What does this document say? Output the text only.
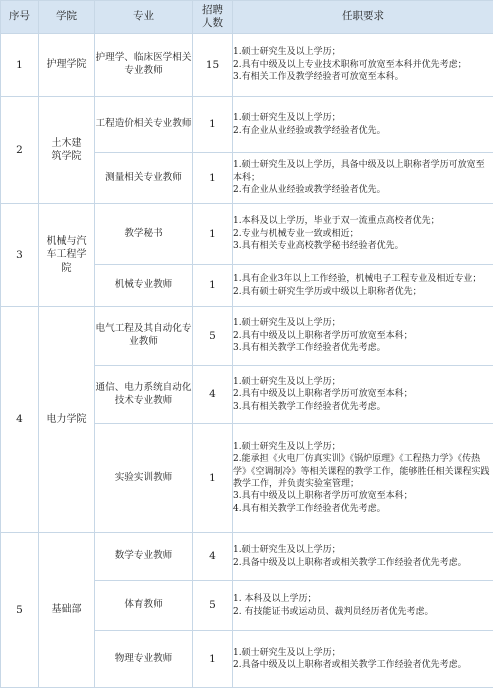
序号	学院	专业	招聘人数	任职要求
1	护理学院	护理学、临床医学相关专业教师	15	1.硕士研究生及以上学历；
2.具有中级及以上专业技术职称可放宽至本科并优先考虑；
3.有相关工作及教学经验者可放宽至本科。

2	土木建筑学院	工程造价相关专业教师	1	1.硕士研究生及以上学历；
2.有企业从业经验或教学经验者优先。

		测量相关专业教师	1	1.硕士研究生及以上学历，具备中级及以上职称者学历可放宽至本科；
2.有企业从业经验或教学经验者优先。

3	机械与汽车工程学院	教学秘书	1	1.本科及以上学历，毕业于双一流重点高校者优先；
2.专业与机械专业一致或相近；
3.具有相关专业高校教学秘书经验者优先。

		机械专业教师	1	1.具有企业3年以上工作经验，机械电子工程专业及相近专业；
2.具有硕士研究生学历或中级以上职称者优先；

4	电力学院	电气工程及其自动化专业教师	5	1.硕士研究生及以上学历；
2.具有中级及以上职称者学历可放宽至本科；
3.具有相关教学工作经验者优先考虑。

		通信、电力系统自动化技术专业教师	4	1.硕士研究生及以上学历；
2.具有中级及以上职称者学历可放宽至本科；
3.具有相关教学工作经验者优先考虑。

		实验实训教师	1	1.硕士研究生及以上学历；
2.能承担《火电厂仿真实训》《锅炉原理》《工程热力学》《传热学》《空调制冷》等相关课程的教学工作，能够胜任相关课程实践教学工作，并负责实验室管理；
3.具有中级及以上职称者学历可放宽至本科；
4.具有相关教学工作经验者优先考虑。

5	基础部	数学专业教师	4	1.硕士研究生及以上学历；
2.具备中级及以上职称者或相关教学工作经验者优先考虑。

		体育教师	5	1. 本科及以上学历；
2. 有技能证书或运动员、裁判员经历者优先考虑。

		物理专业教师	1	1.硕士研究生及以上学历；
2.具备中级及以上职称者或相关教学工作经验者优先考虑。
